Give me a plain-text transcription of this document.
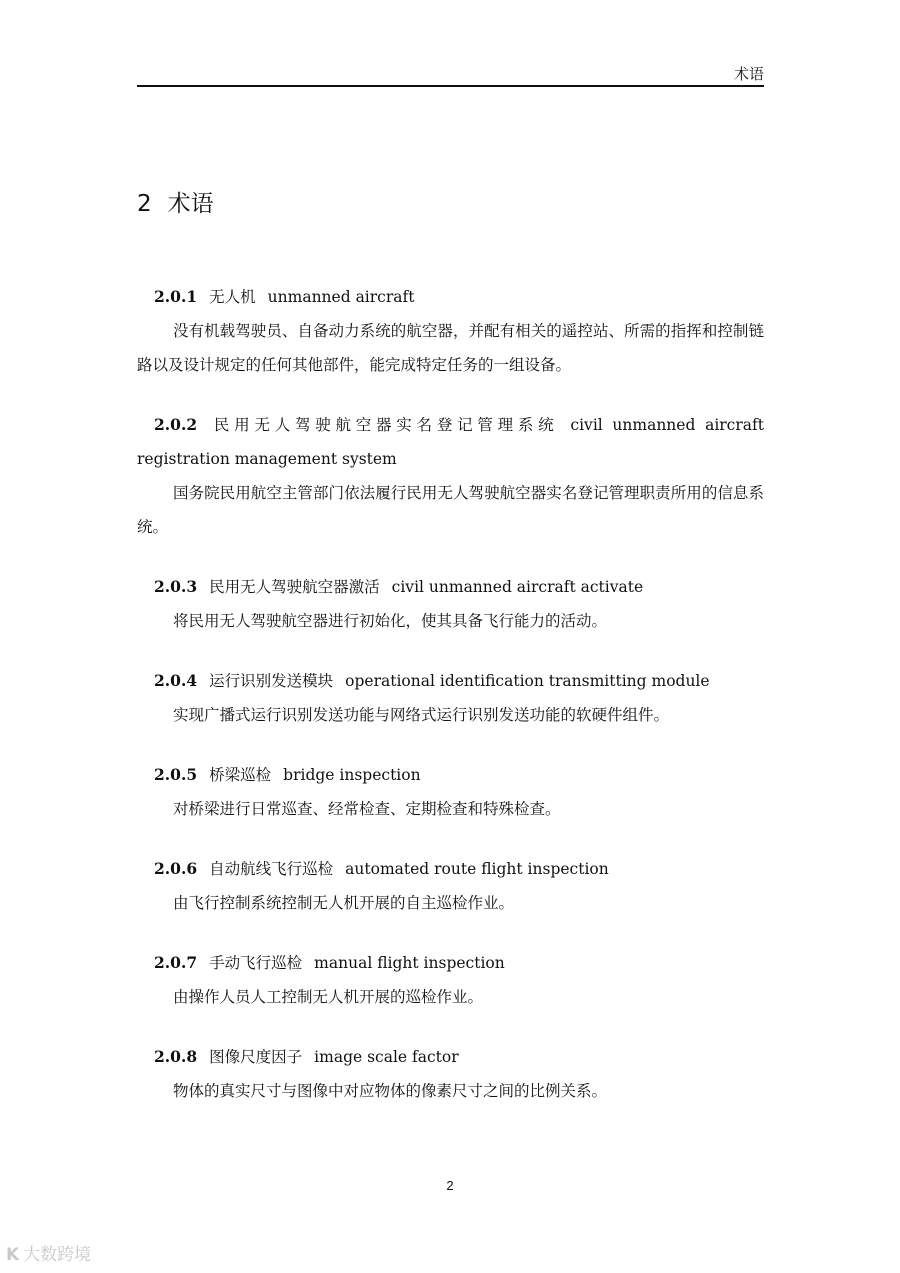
术语
2 术语
2.0.1 无人机 unmanned aircraft
没有机载驾驶员、自备动力系统的航空器，并配有相关的遥控站、所需的指挥和控制链路以及设计规定的任何其他部件，能完成特定任务的一组设备。
2.0.2 民用无人驾驶航空器实名登记管理系统 civil unmanned aircraft registration management system
国务院民用航空主管部门依法履行民用无人驾驶航空器实名登记管理职责所用的信息系统。
2.0.3 民用无人驾驶航空器激活 civil unmanned aircraft activate
将民用无人驾驶航空器进行初始化，使其具备飞行能力的活动。
2.0.4 运行识别发送模块 operational identification transmitting module
实现广播式运行识别发送功能与网络式运行识别发送功能的软硬件组件。
2.0.5 桥梁巡检 bridge inspection
对桥梁进行日常巡查、经常检查、定期检查和特殊检查。
2.0.6 自动航线飞行巡检 automated route flight inspection
由飞行控制系统控制无人机开展的自主巡检作业。
2.0.7 手动飞行巡检 manual flight inspection
由操作人员人工控制无人机开展的巡检作业。
2.0.8 图像尺度因子 image scale factor
物体的真实尺寸与图像中对应物体的像素尺寸之间的比例关系。
2
K 大数跨境
